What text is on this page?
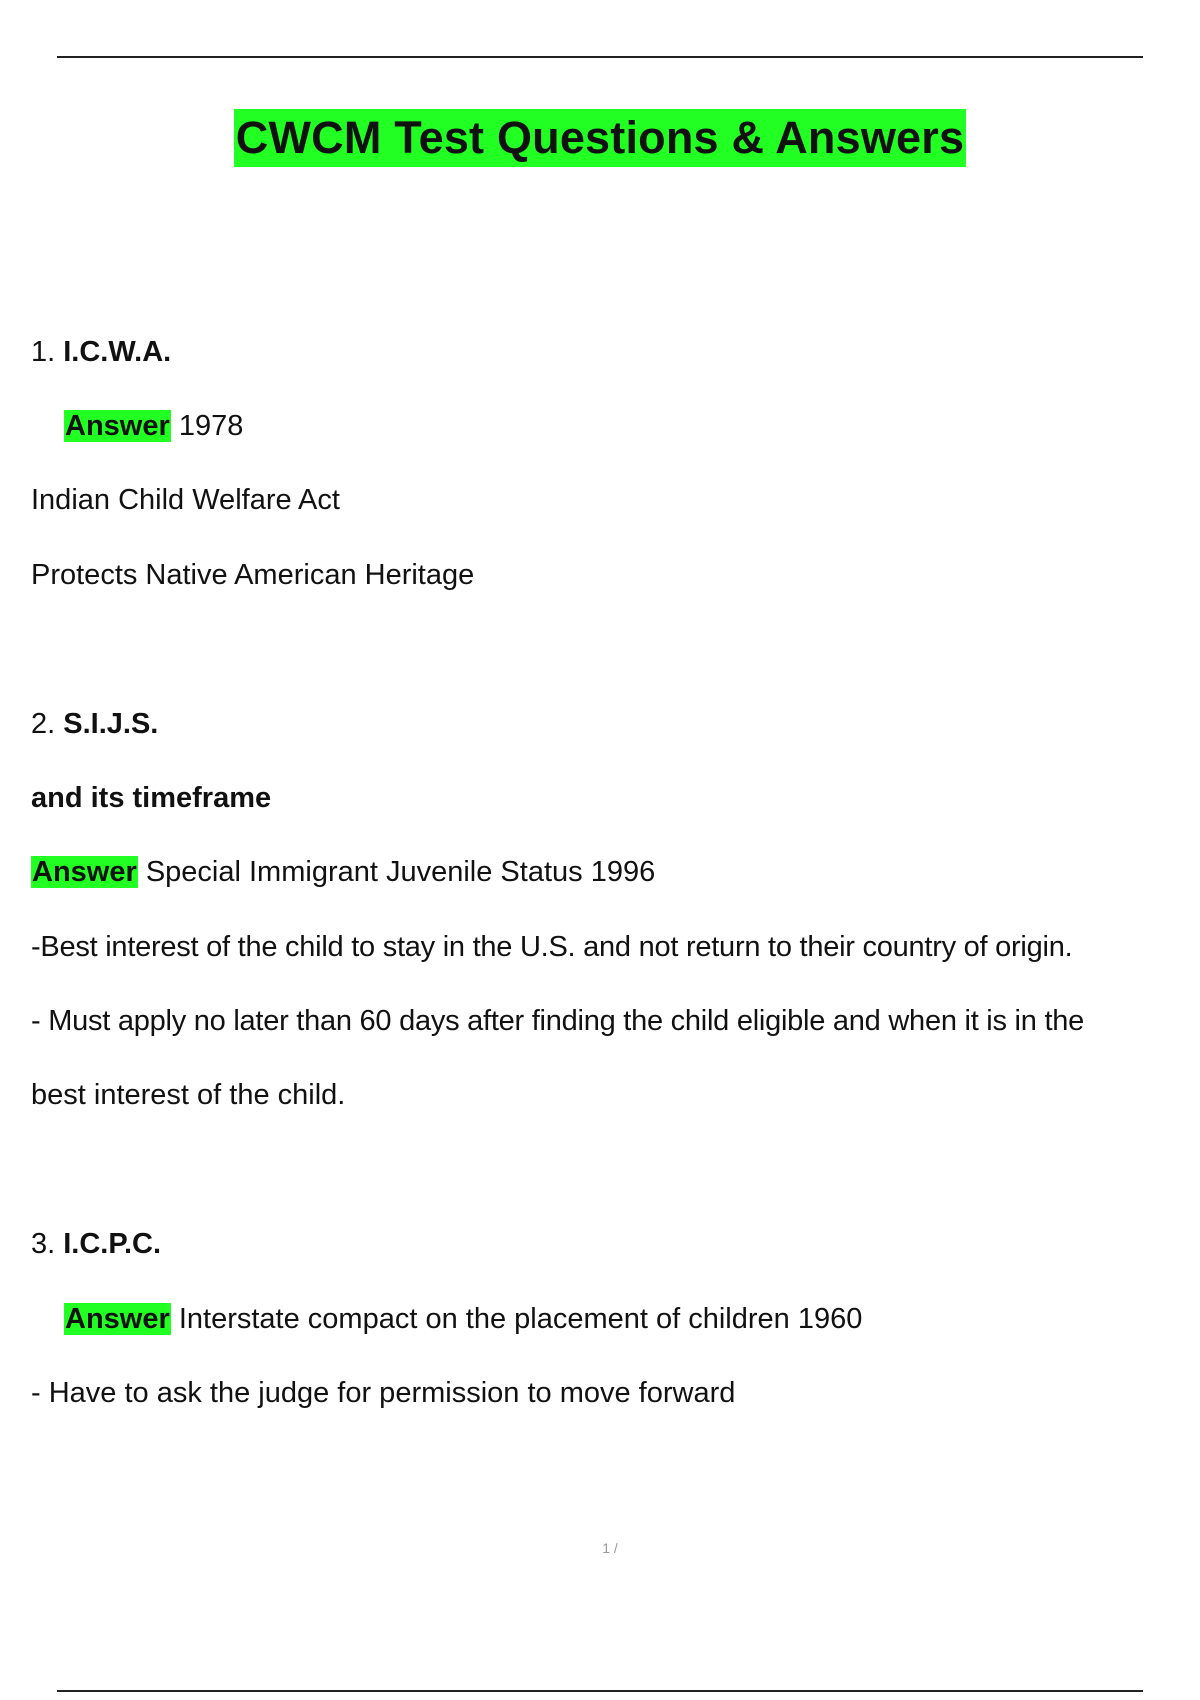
CWCM Test Questions & Answers
1. I.C.W.A.
Answer 1978
Indian Child Welfare Act
Protects Native American Heritage
2. S.I.J.S.
and its timeframe
Answer Special Immigrant Juvenile Status 1996
-Best interest of the child to stay in the U.S. and not return to their country of origin.
- Must apply no later than 60 days after finding the child eligible and when it is in the
best interest of the child.
3. I.C.P.C.
Answer Interstate compact on the placement of children 1960
- Have to ask the judge for permission to move forward
1 /
